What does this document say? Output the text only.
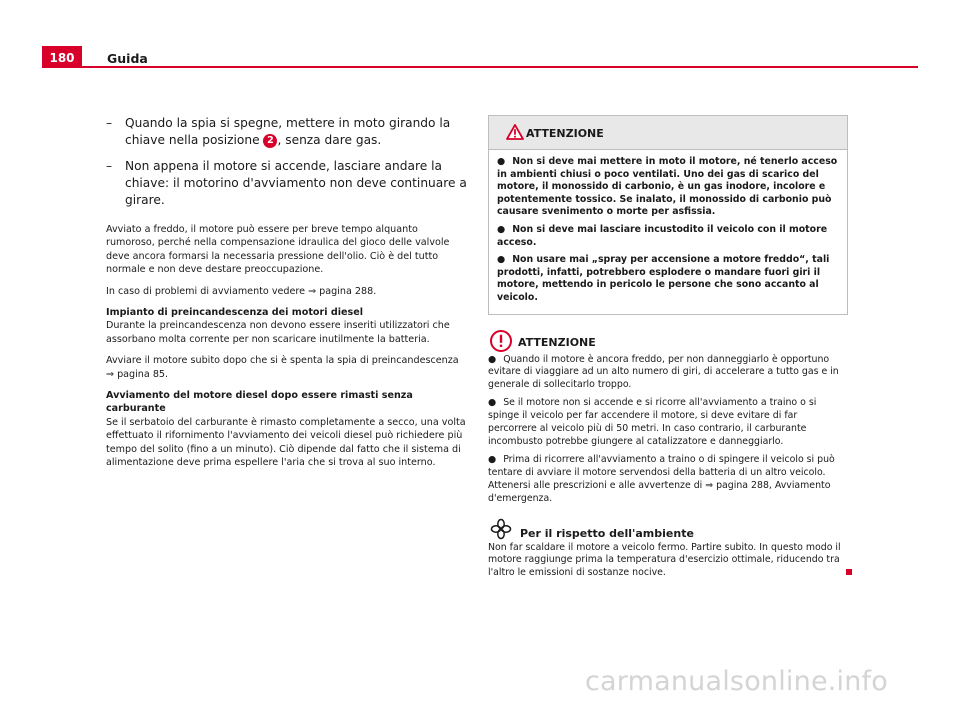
180	Guida
– Quando la spia si spegne, mettere in moto girando la chiave nella posizione 2 , senza dare gas.
– Non appena il motore si accende, lasciare andare la chiave: il motorino d'avviamento non deve continuare a girare.

Avviato a freddo, il motore può essere per breve tempo alquanto rumoroso, perché nella compensazione idraulica del gioco delle valvole deve ancora formarsi la necessaria pressione dell'olio. Ciò è del tutto normale e non deve destare preoccupazione.

In caso di problemi di avviamento vedere ⇒ pagina 288.

Impianto di preincandescenza dei motori diesel

Durante la preincandescenza non devono essere inseriti utilizzatori che assorbano molta corrente per non scaricare inutilmente la batteria.

Avviare il motore subito dopo che si è spenta la spia di preincandescenza ⇒ pagina 85.

Avviamento del motore diesel dopo essere rimasti senza carburante

Se il serbatoio del carburante è rimasto completamente a secco, una volta effettuato il rifornimento l'avviamento dei veicoli diesel può richiedere più tempo del solito (fino a un minuto). Ciò dipende dal fatto che il sistema di alimentazione deve prima espellere l'aria che si trova al suo interno.

ATTENZIONE

● Non si deve mai mettere in moto il motore, né tenerlo acceso in ambienti chiusi o poco ventilati. Uno dei gas di scarico del motore, il monossido di carbonio, è un gas inodore, incolore e potentemente tossico. Se inalato, il monossido di carbonio può causare svenimento o morte per asfissia.

● Non si deve mai lasciare incustodito il veicolo con il motore acceso.

● Non usare mai „spray per accensione a motore freddo“, tali prodotti, infatti, potrebbero esplodere o mandare fuori giri il motore, mettendo in pericolo le persone che sono accanto al veicolo.

ATTENZIONE

● Quando il motore è ancora freddo, per non danneggiarlo è opportuno evitare di viaggiare ad un alto numero di giri, di accelerare a tutto gas e in generale di sollecitarlo troppo.

● Se il motore non si accende e si ricorre all'avviamento a traino o si spinge il veicolo per far accendere il motore, si deve evitare di far percorrere al veicolo più di 50 metri. In caso contrario, il carburante incombusto potrebbe giungere al catalizzatore e danneggiarlo.

● Prima di ricorrere all'avviamento a traino o di spingere il veicolo si può tentare di avviare il motore servendosi della batteria di un altro veicolo. Attenersi alle prescrizioni e alle avvertenze di ⇒ pagina 288, Avviamento d'emergenza.

Per il rispetto dell'ambiente

Non far scaldare il motore a veicolo fermo. Partire subito. In questo modo il motore raggiunge prima la temperatura d'esercizio ottimale, riducendo tra l'altro le emissioni di sostanze nocive.

carmanualsonline.info
